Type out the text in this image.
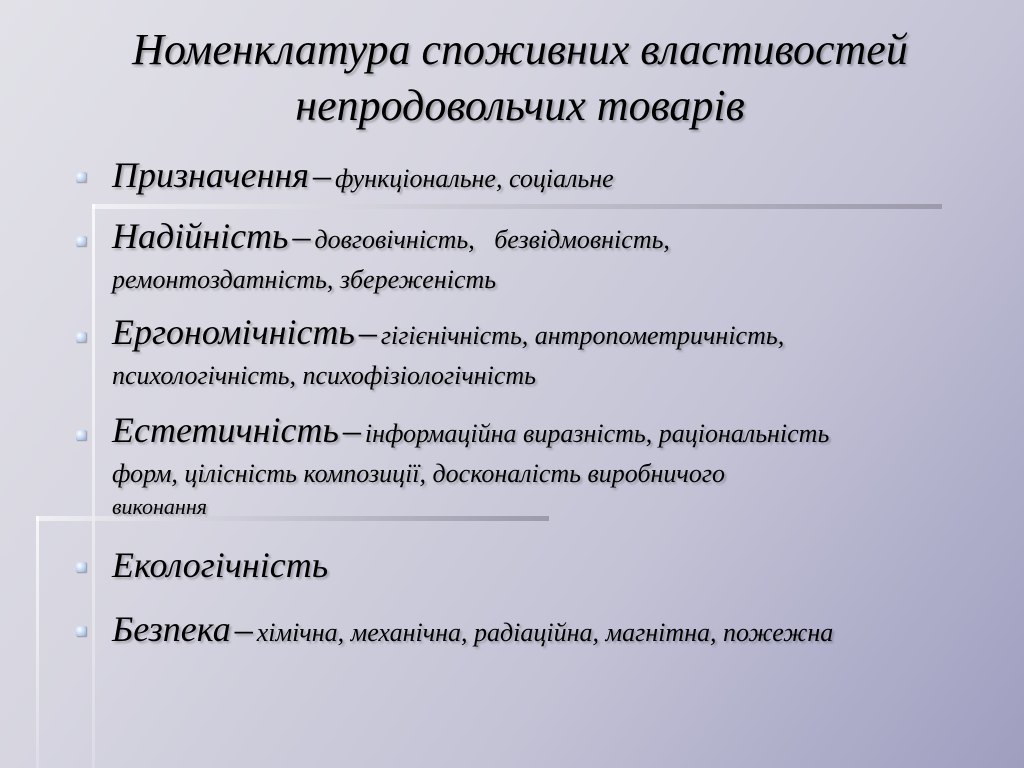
Номенклатура споживних властивостей
непродовольчих товарів
Призначення – функціональне, соціальне
Надійність – довговічність,   безвідмовність,
ремонтоздатність, збереженість
Ергономічність – гігієнічність, антропометричність,
психологічність, психофізіологічність
Естетичність – інформаційна виразність, раціональність
форм, цілісність композиції, досконалість виробничого
виконання
Екологічність
Безпека – хімічна, механічна, радіаційна, магнітна, пожежна
